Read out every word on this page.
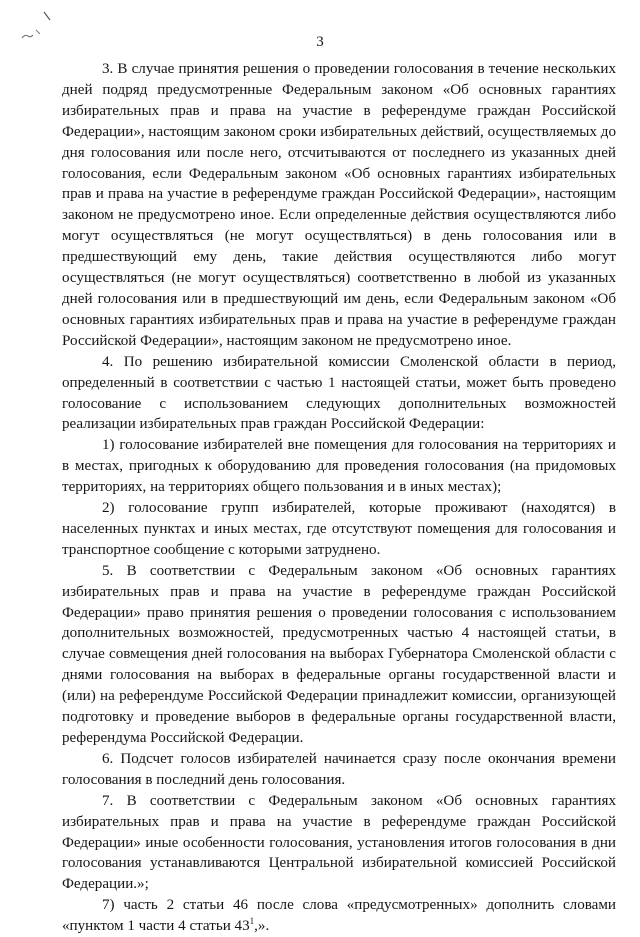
3

3. В случае принятия решения о проведении голосования в течение нескольких дней подряд предусмотренные Федеральным законом «Об основных гарантиях избирательных прав и права на участие в референдуме граждан Российской Федерации», настоящим законом сроки избирательных действий, осуществляемых до дня голосования или после него, отсчитываются от последнего из указанных дней голосования, если Федеральным законом «Об основных гарантиях избирательных прав и права на участие в референдуме граждан Российской Федерации», настоящим законом не предусмотрено иное. Если определенные действия осуществляются либо могут осуществляться (не могут осуществляться) в день голосования или в предшествующий ему день, такие действия осуществляются либо могут осуществляться (не могут осуществляться) соответственно в любой из указанных дней голосования или в предшествующий им день, если Федеральным законом «Об основных гарантиях избирательных прав и права на участие в референдуме граждан Российской Федерации», настоящим законом не предусмотрено иное.

4. По решению избирательной комиссии Смоленской области в период, определенный в соответствии с частью 1 настоящей статьи, может быть проведено голосование с использованием следующих дополнительных возможностей реализации избирательных прав граждан Российской Федерации:

1) голосование избирателей вне помещения для голосования на территориях и в местах, пригодных к оборудованию для проведения голосования (на придомовых территориях, на территориях общего пользования и в иных местах);

2) голосование групп избирателей, которые проживают (находятся) в населенных пунктах и иных местах, где отсутствуют помещения для голосования и транспортное сообщение с которыми затруднено.

5. В соответствии с Федеральным законом «Об основных гарантиях избирательных прав и права на участие в референдуме граждан Российской Федерации» право принятия решения о проведении голосования с использованием дополнительных возможностей, предусмотренных частью 4 настоящей статьи, в случае совмещения дней голосования на выборах Губернатора Смоленской области с днями голосования на выборах в федеральные органы государственной власти и (или) на референдуме Российской Федерации принадлежит комиссии, организующей подготовку и проведение выборов в федеральные органы государственной власти, референдума Российской Федерации.

6. Подсчет голосов избирателей начинается сразу после окончания времени голосования в последний день голосования.

7. В соответствии с Федеральным законом «Об основных гарантиях избирательных прав и права на участие в референдуме граждан Российской Федерации» иные особенности голосования, установления итогов голосования в дни голосования устанавливаются Центральной избирательной комиссией Российской Федерации.»;

7) часть 2 статьи 46 после слова «предусмотренных» дополнить словами «пунктом 1 части 4 статьи $43^1$,».
